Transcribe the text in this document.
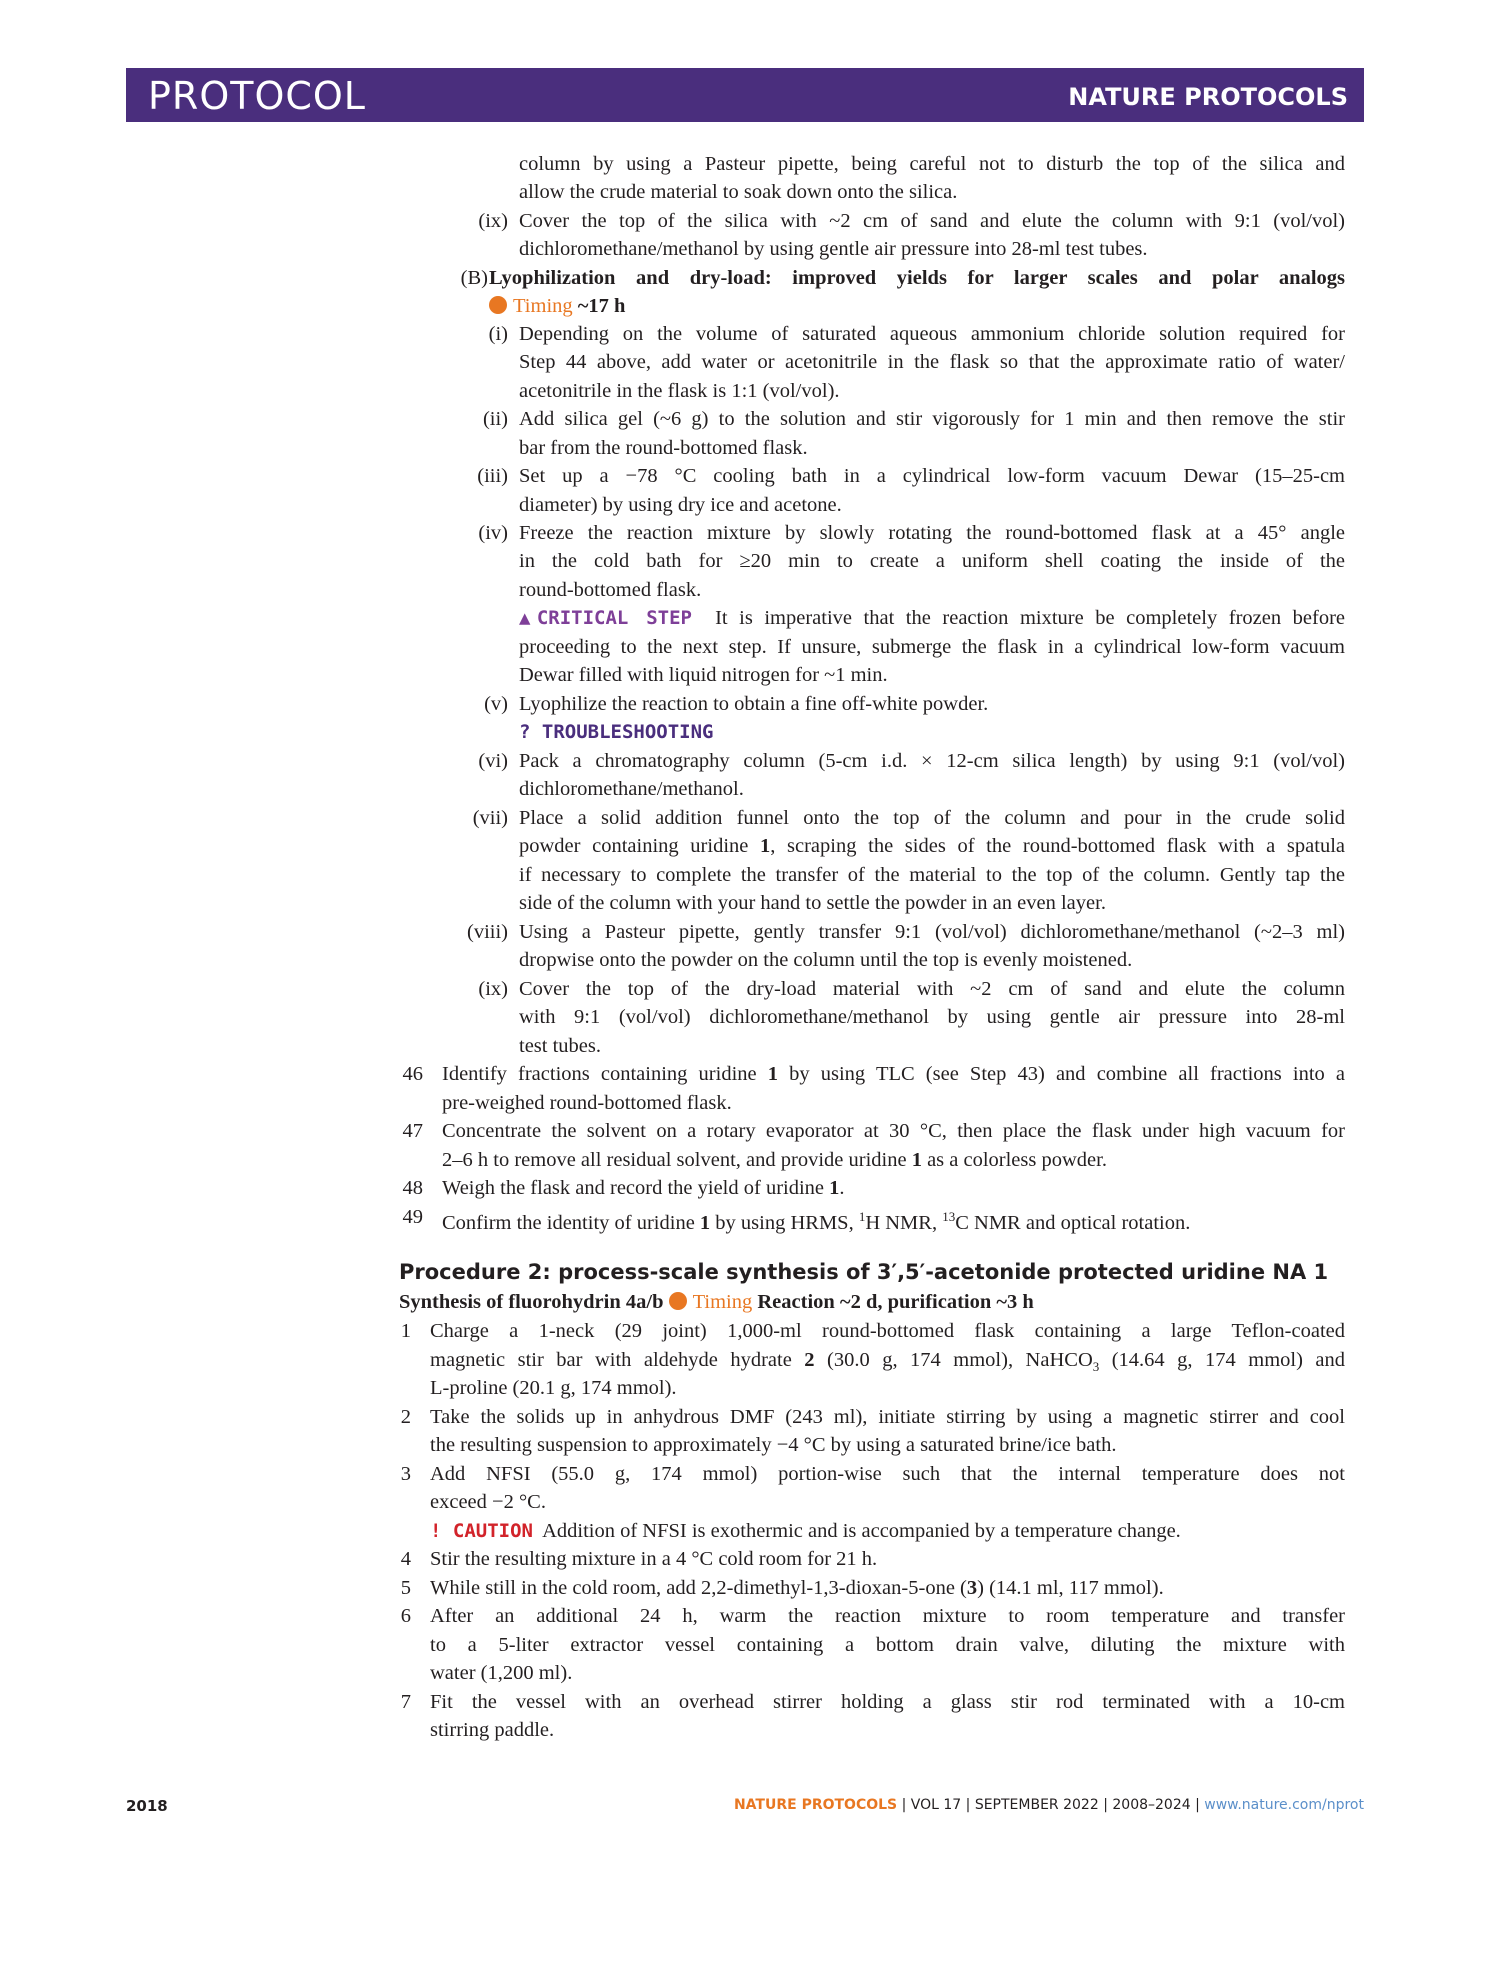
PROTOCOL	NATURE PROTOCOLS
column by using a Pasteur pipette, being careful not to disturb the top of the silica and
allow the crude material to soak down onto the silica.
(ix) Cover the top of the silica with ~2 cm of sand and elute the column with 9:1 (vol/vol)
dichloromethane/methanol by using gentle air pressure into 28-ml test tubes.
(B) Lyophilization and dry-load: improved yields for larger scales and polar analogs
Timing ~17 h
(i) Depending on the volume of saturated aqueous ammonium chloride solution required for
Step 44 above, add water or acetonitrile in the flask so that the approximate ratio of water/
acetonitrile in the flask is 1:1 (vol/vol).
(ii) Add silica gel (~6 g) to the solution and stir vigorously for 1 min and then remove the stir
bar from the round-bottomed flask.
(iii) Set up a −78 °C cooling bath in a cylindrical low-form vacuum Dewar (15–25-cm
diameter) by using dry ice and acetone.
(iv) Freeze the reaction mixture by slowly rotating the round-bottomed flask at a 45° angle
in the cold bath for ≥20 min to create a uniform shell coating the inside of the
round-bottomed flask.
▲CRITICAL STEP It is imperative that the reaction mixture be completely frozen before
proceeding to the next step. If unsure, submerge the flask in a cylindrical low-form vacuum
Dewar filled with liquid nitrogen for ~1 min.
(v) Lyophilize the reaction to obtain a fine off-white powder.
? TROUBLESHOOTING
(vi) Pack a chromatography column (5-cm i.d. × 12-cm silica length) by using 9:1 (vol/vol)
dichloromethane/methanol.
(vii) Place a solid addition funnel onto the top of the column and pour in the crude solid
powder containing uridine 1, scraping the sides of the round-bottomed flask with a spatula
if necessary to complete the transfer of the material to the top of the column. Gently tap the
side of the column with your hand to settle the powder in an even layer.
(viii) Using a Pasteur pipette, gently transfer 9:1 (vol/vol) dichloromethane/methanol (~2–3 ml)
dropwise onto the powder on the column until the top is evenly moistened.
(ix) Cover the top of the dry-load material with ~2 cm of sand and elute the column
with 9:1 (vol/vol) dichloromethane/methanol by using gentle air pressure into 28-ml
test tubes.
46 Identify fractions containing uridine 1 by using TLC (see Step 43) and combine all fractions into a
pre-weighed round-bottomed flask.
47 Concentrate the solvent on a rotary evaporator at 30 °C, then place the flask under high vacuum for
2–6 h to remove all residual solvent, and provide uridine 1 as a colorless powder.
48 Weigh the flask and record the yield of uridine 1.
49 Confirm the identity of uridine 1 by using HRMS, $^1$H NMR, $^{13}$C NMR and optical rotation.
Procedure 2: process-scale synthesis of 3′,5′-acetonide protected uridine NA 1
Synthesis of fluorohydrin 4a/b Timing Reaction ~2 d, purification ~3 h
1 Charge a 1-neck (29 joint) 1,000-ml round-bottomed flask containing a large Teflon-coated
magnetic stir bar with aldehyde hydrate 2 (30.0 g, 174 mmol), NaHCO$_3$ (14.64 g, 174 mmol) and
L-proline (20.1 g, 174 mmol).
2 Take the solids up in anhydrous DMF (243 ml), initiate stirring by using a magnetic stirrer and cool
the resulting suspension to approximately −4 °C by using a saturated brine/ice bath.
3 Add NFSI (55.0 g, 174 mmol) portion-wise such that the internal temperature does not
exceed −2 °C.
! CAUTION Addition of NFSI is exothermic and is accompanied by a temperature change.
4 Stir the resulting mixture in a 4 °C cold room for 21 h.
5 While still in the cold room, add 2,2-dimethyl-1,3-dioxan-5-one (3) (14.1 ml, 117 mmol).
6 After an additional 24 h, warm the reaction mixture to room temperature and transfer
to a 5-liter extractor vessel containing a bottom drain valve, diluting the mixture with
water (1,200 ml).
7 Fit the vessel with an overhead stirrer holding a glass stir rod terminated with a 10-cm
stirring paddle.
2018	NATURE PROTOCOLS | VOL 17 | SEPTEMBER 2022 | 2008–2024 | www.nature.com/nprot
